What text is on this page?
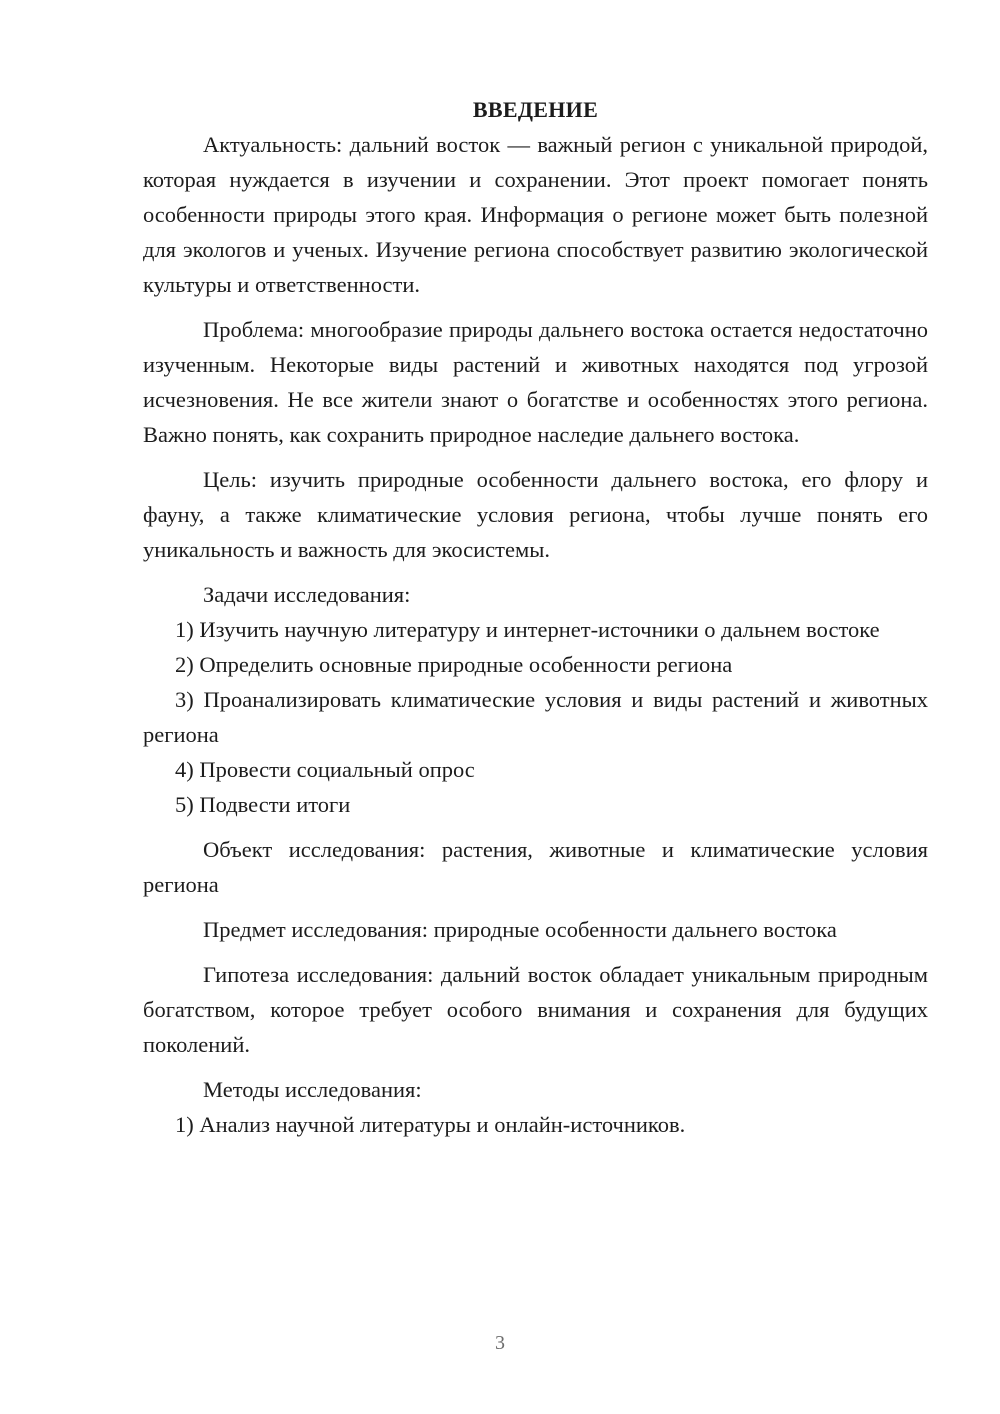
ВВЕДЕНИЕ

Актуальность: дальний восток — важный регион с уникальной природой, которая нуждается в изучении и сохранении. Этот проект помогает понять особенности природы этого края. Информация о регионе может быть полезной для экологов и ученых. Изучение региона способствует развитию экологической культуры и ответственности.

Проблема: многообразие природы дальнего востока остается недостаточно изученным. Некоторые виды растений и животных находятся под угрозой исчезновения. Не все жители знают о богатстве и особенностях этого региона. Важно понять, как сохранить природное наследие дальнего востока.

Цель: изучить природные особенности дальнего востока, его флору и фауну, а также климатические условия региона, чтобы лучше понять его уникальность и важность для экосистемы.

Задачи исследования:

1) Изучить научную литературу и интернет-источники о дальнем востоке

2) Определить основные природные особенности региона

3) Проанализировать климатические условия и виды растений и животных региона

4) Провести социальный опрос

5) Подвести итоги

Объект исследования: растения, животные и климатические условия региона

Предмет исследования: природные особенности дальнего востока

Гипотеза исследования: дальний восток обладает уникальным природным богатством, которое требует особого внимания и сохранения для будущих поколений.

Методы исследования:

1) Анализ научной литературы и онлайн-источников.

3
